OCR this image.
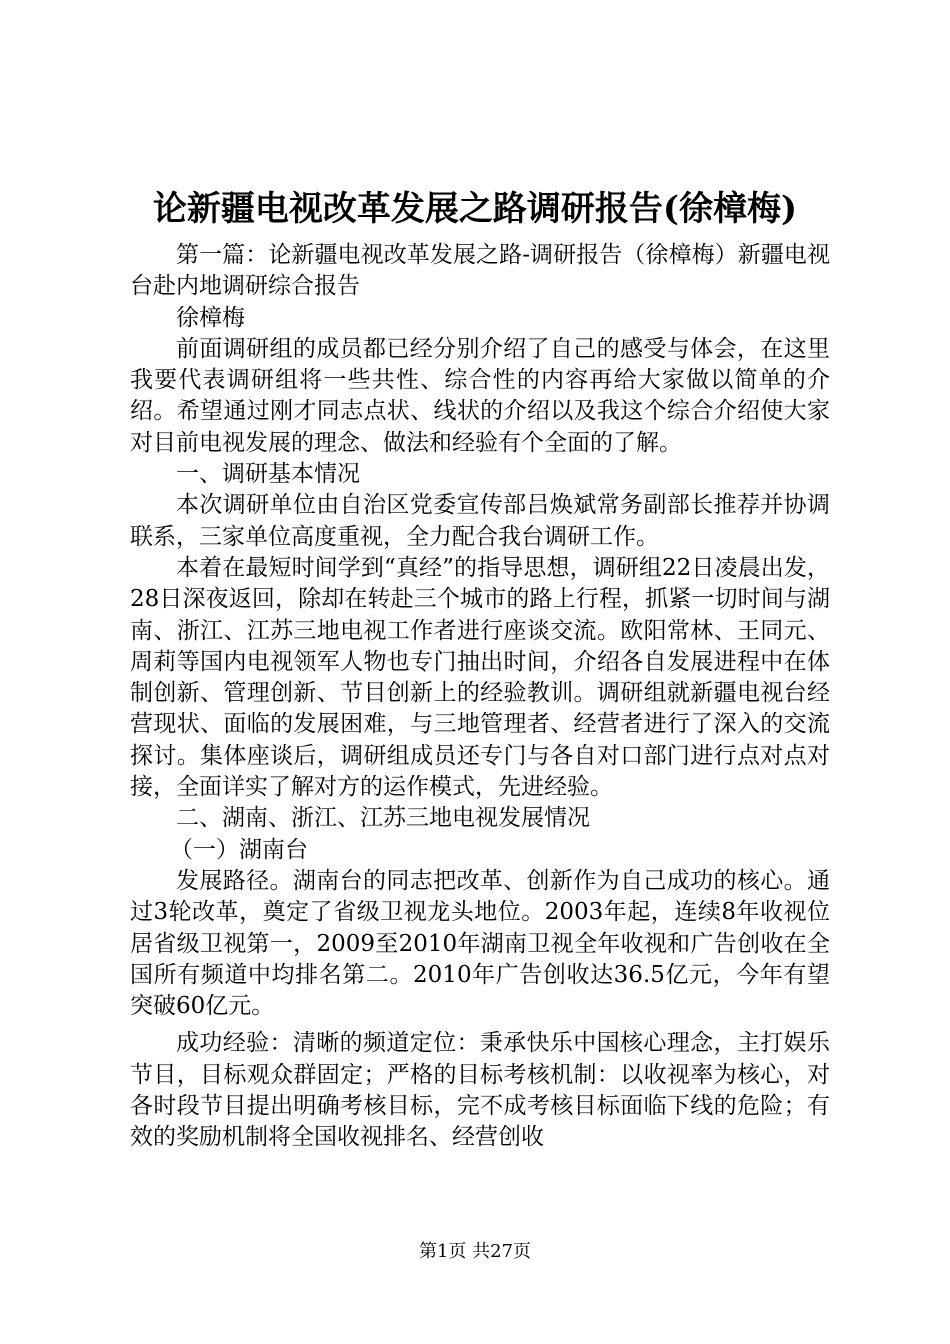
论新疆电视改革发展之路调研报告(徐樟梅)

第一篇：论新疆电视改革发展之路-调研报告（徐樟梅）新疆电视台赴内地调研综合报告

徐樟梅

前面调研组的成员都已经分别介绍了自己的感受与体会，在这里我要代表调研组将一些共性、综合性的内容再给大家做以简单的介绍。希望通过刚才同志点状、线状的介绍以及我这个综合介绍使大家对目前电视发展的理念、做法和经验有个全面的了解。

一、调研基本情况

本次调研单位由自治区党委宣传部吕焕斌常务副部长推荐并协调联系，三家单位高度重视，全力配合我台调研工作。

本着在最短时间学到“真经”的指导思想，调研组22日凌晨出发，28日深夜返回，除却在转赴三个城市的路上行程，抓紧一切时间与湖南、浙江、江苏三地电视工作者进行座谈交流。欧阳常林、王同元、周莉等国内电视领军人物也专门抽出时间，介绍各自发展进程中在体制创新、管理创新、节目创新上的经验教训。调研组就新疆电视台经营现状、面临的发展困难，与三地管理者、经营者进行了深入的交流探讨。集体座谈后，调研组成员还专门与各自对口部门进行点对点对接，全面详实了解对方的运作模式，先进经验。

二、湖南、浙江、江苏三地电视发展情况

（一）湖南台

发展路径。湖南台的同志把改革、创新作为自己成功的核心。通过3轮改革，奠定了省级卫视龙头地位。2003年起，连续8年收视位居省级卫视第一，2009至2010年湖南卫视全年收视和广告创收在全国所有频道中均排名第二。2010年广告创收达36.5亿元，今年有望突破60亿元。

成功经验：清晰的频道定位：秉承快乐中国核心理念，主打娱乐节目，目标观众群固定；严格的目标考核机制：以收视率为核心，对各时段节目提出明确考核目标，完不成考核目标面临下线的危险；有效的奖励机制将全国收视排名、经营创收

第1页 共27页
